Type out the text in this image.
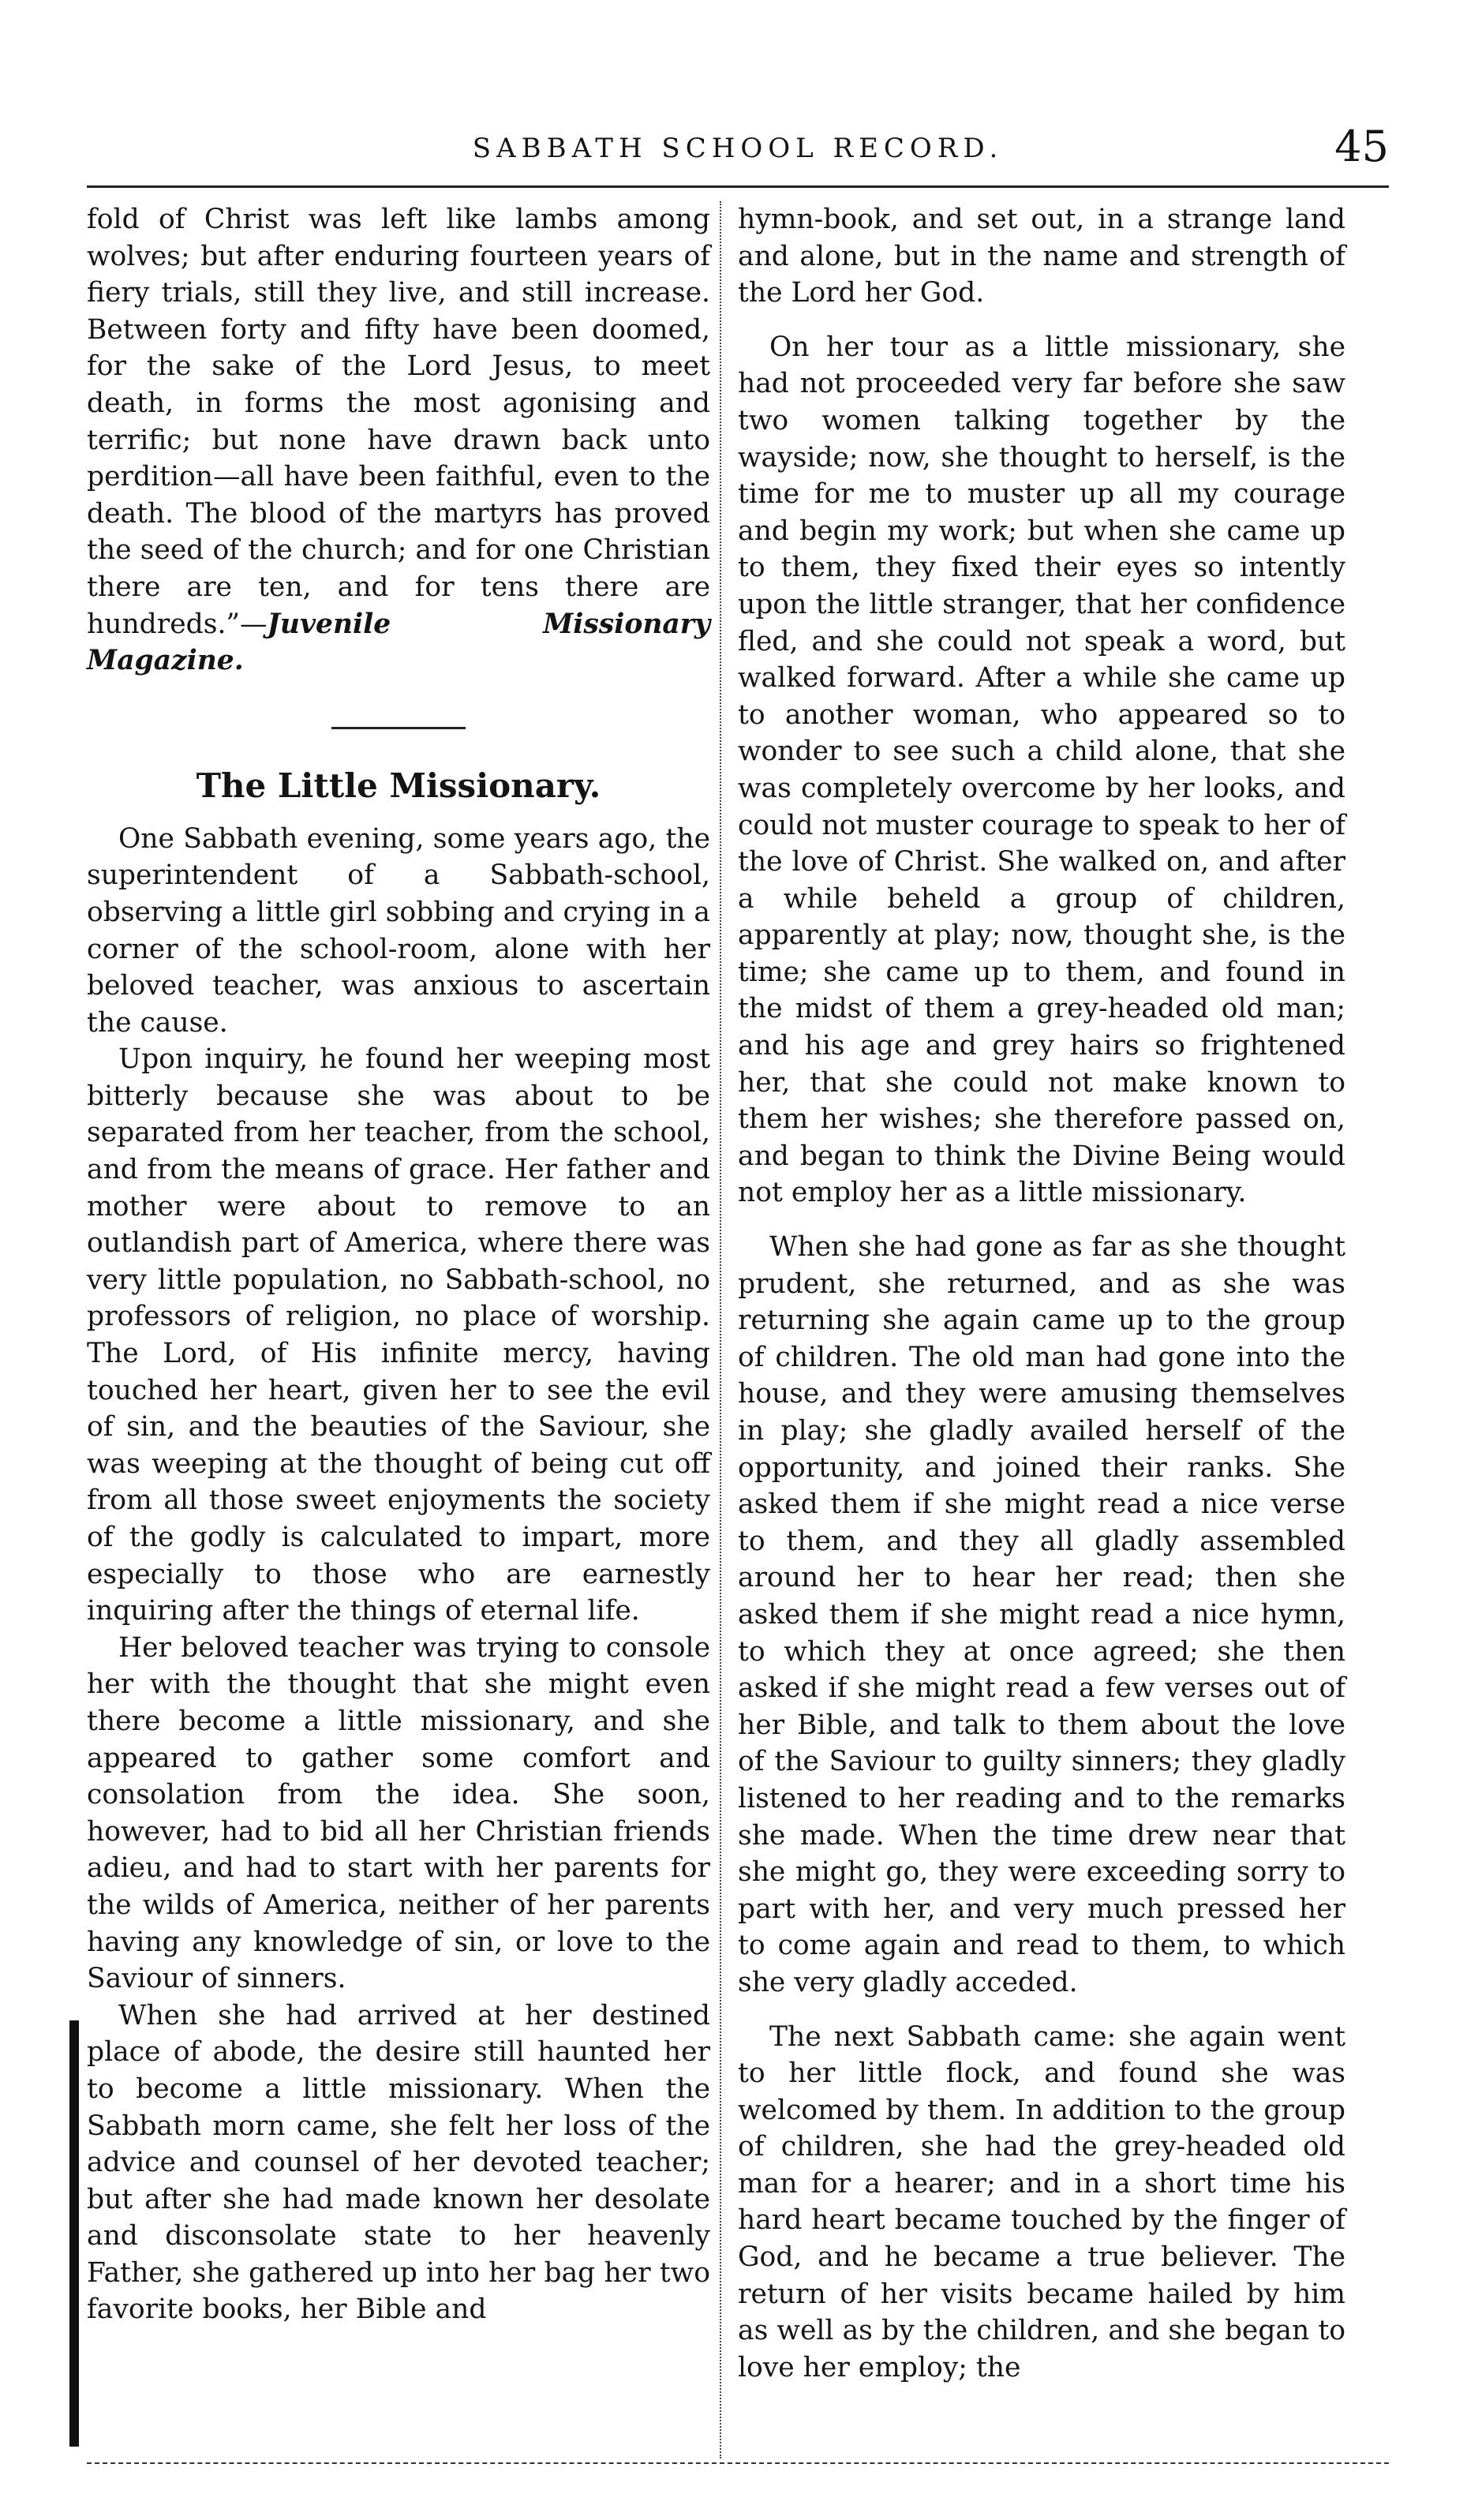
SABBATH SCHOOL RECORD.	45

fold of Christ was left like lambs among wolves; but after enduring fourteen years of fiery trials, still they live, and still increase. Between forty and fifty have been doomed, for the sake of the Lord Jesus, to meet death, in forms the most agonising and terrific; but none have drawn back unto perdition—all have been faithful, even to the death. The blood of the martyrs has proved the seed of the church; and for one Christian there are ten, and for tens there are hundreds.”—Juvenile Missionary Magazine.

The Little Missionary.

One Sabbath evening, some years ago, the superintendent of a Sabbath-school, observing a little girl sobbing and crying in a corner of the school-room, alone with her beloved teacher, was anxious to ascertain the cause.

Upon inquiry, he found her weeping most bitterly because she was about to be separated from her teacher, from the school, and from the means of grace. Her father and mother were about to remove to an outlandish part of America, where there was very little population, no Sabbath-school, no professors of religion, no place of worship. The Lord, of His infinite mercy, having touched her heart, given her to see the evil of sin, and the beauties of the Saviour, she was weeping at the thought of being cut off from all those sweet enjoyments the society of the godly is calculated to impart, more especially to those who are earnestly inquiring after the things of eternal life.

Her beloved teacher was trying to console her with the thought that she might even there become a little missionary, and she appeared to gather some comfort and consolation from the idea. She soon, however, had to bid all her Christian friends adieu, and had to start with her parents for the wilds of America, neither of her parents having any knowledge of sin, or love to the Saviour of sinners.

When she had arrived at her destined place of abode, the desire still haunted her to become a little missionary. When the Sabbath morn came, she felt her loss of the advice and counsel of her devoted teacher; but after she had made known her desolate and disconsolate state to her heavenly Father, she gathered up into her bag her two favorite books, her Bible and

hymn-book, and set out, in a strange land and alone, but in the name and strength of the Lord her God.

On her tour as a little missionary, she had not proceeded very far before she saw two women talking together by the wayside; now, she thought to herself, is the time for me to muster up all my courage and begin my work; but when she came up to them, they fixed their eyes so intently upon the little stranger, that her confidence fled, and she could not speak a word, but walked forward. After a while she came up to another woman, who appeared so to wonder to see such a child alone, that she was completely overcome by her looks, and could not muster courage to speak to her of the love of Christ. She walked on, and after a while beheld a group of children, apparently at play; now, thought she, is the time; she came up to them, and found in the midst of them a grey-headed old man; and his age and grey hairs so frightened her, that she could not make known to them her wishes; she therefore passed on, and began to think the Divine Being would not employ her as a little missionary.

When she had gone as far as she thought prudent, she returned, and as she was returning she again came up to the group of children. The old man had gone into the house, and they were amusing themselves in play; she gladly availed herself of the opportunity, and joined their ranks. She asked them if she might read a nice verse to them, and they all gladly assembled around her to hear her read; then she asked them if she might read a nice hymn, to which they at once agreed; she then asked if she might read a few verses out of her Bible, and talk to them about the love of the Saviour to guilty sinners; they gladly listened to her reading and to the remarks she made. When the time drew near that she might go, they were exceeding sorry to part with her, and very much pressed her to come again and read to them, to which she very gladly acceded.

The next Sabbath came: she again went to her little flock, and found she was welcomed by them. In addition to the group of children, she had the grey-headed old man for a hearer; and in a short time his hard heart became touched by the finger of God, and he became a true believer. The return of her visits became hailed by him as well as by the children, and she began to love her employ; the
